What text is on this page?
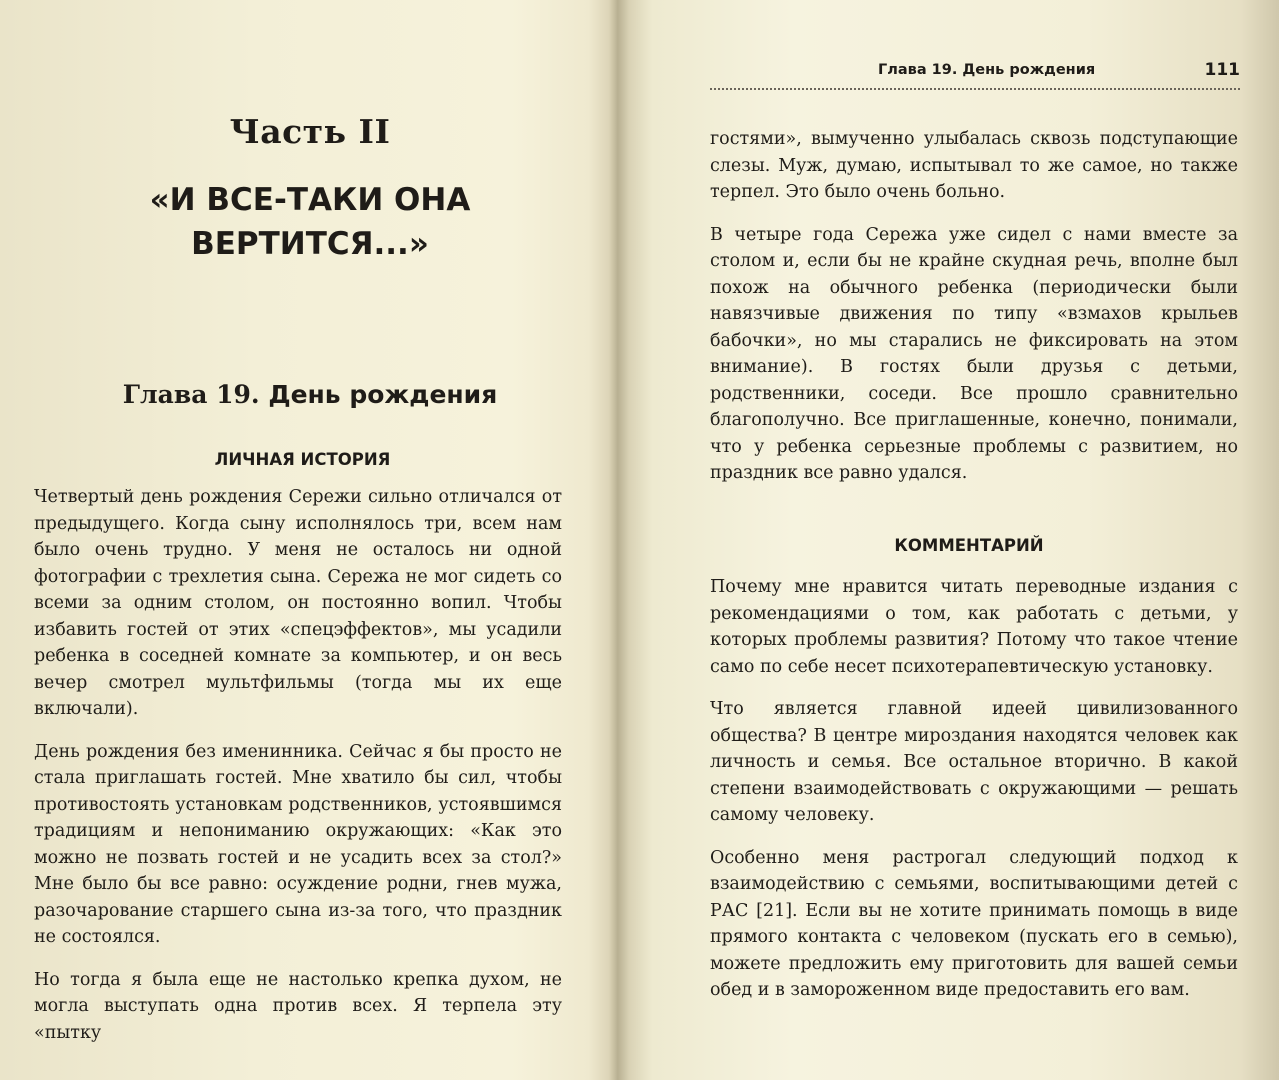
Часть II
«И ВСЕ-ТАКИ ОНА ВЕРТИТСЯ...»
Глава 19. День рождения
ЛИЧНАЯ ИСТОРИЯ

Четвертый день рождения Сережи сильно отличался от предыдущего. Когда сыну исполнялось три, всем нам было очень трудно. У меня не осталось ни одной фотографии с трехлетия сына. Сережа не мог сидеть со всеми за одним столом, он постоянно вопил. Чтобы избавить гостей от этих «спецэффектов», мы усадили ребенка в соседней комнате за компьютер, и он весь вечер смотрел мультфильмы (тогда мы их еще включали).

День рождения без именинника. Сейчас я бы просто не стала приглашать гостей. Мне хватило бы сил, чтобы противостоять установкам родственников, устоявшимся традициям и непониманию окружающих: «Как это можно не позвать гостей и не усадить всех за стол?» Мне было бы все равно: осуждение родни, гнев мужа, разочарование старшего сына из-за того, что праздник не состоялся.

Но тогда я была еще не настолько крепка духом, не могла выступать одна против всех. Я терпела эту «пытку

Глава 19. День рождения	111

гостями», вымученно улыбалась сквозь подступающие слезы. Муж, думаю, испытывал то же самое, но также терпел. Это было очень больно.

В четыре года Сережа уже сидел с нами вместе за столом и, если бы не крайне скудная речь, вполне был похож на обычного ребенка (периодически были навязчивые движения по типу «взмахов крыльев бабочки», но мы старались не фиксировать на этом внимание). В гостях были друзья с детьми, родственники, соседи. Все прошло сравнительно благополучно. Все приглашенные, конечно, понимали, что у ребенка серьезные проблемы с развитием, но праздник все равно удался.

КОММЕНТАРИЙ

Почему мне нравится читать переводные издания с рекомендациями о том, как работать с детьми, у которых проблемы развития? Потому что такое чтение само по себе несет психотерапевтическую установку.

Что является главной идеей цивилизованного общества? В центре мироздания находятся человек как личность и семья. Все остальное вторично. В какой степени взаимодействовать с окружающими — решать самому человеку.

Особенно меня растрогал следующий подход к взаимодействию с семьями, воспитывающими детей с РАС [21]. Если вы не хотите принимать помощь в виде прямого контакта с человеком (пускать его в семью), можете предложить ему приготовить для вашей семьи обед и в замороженном виде предоставить его вам.
